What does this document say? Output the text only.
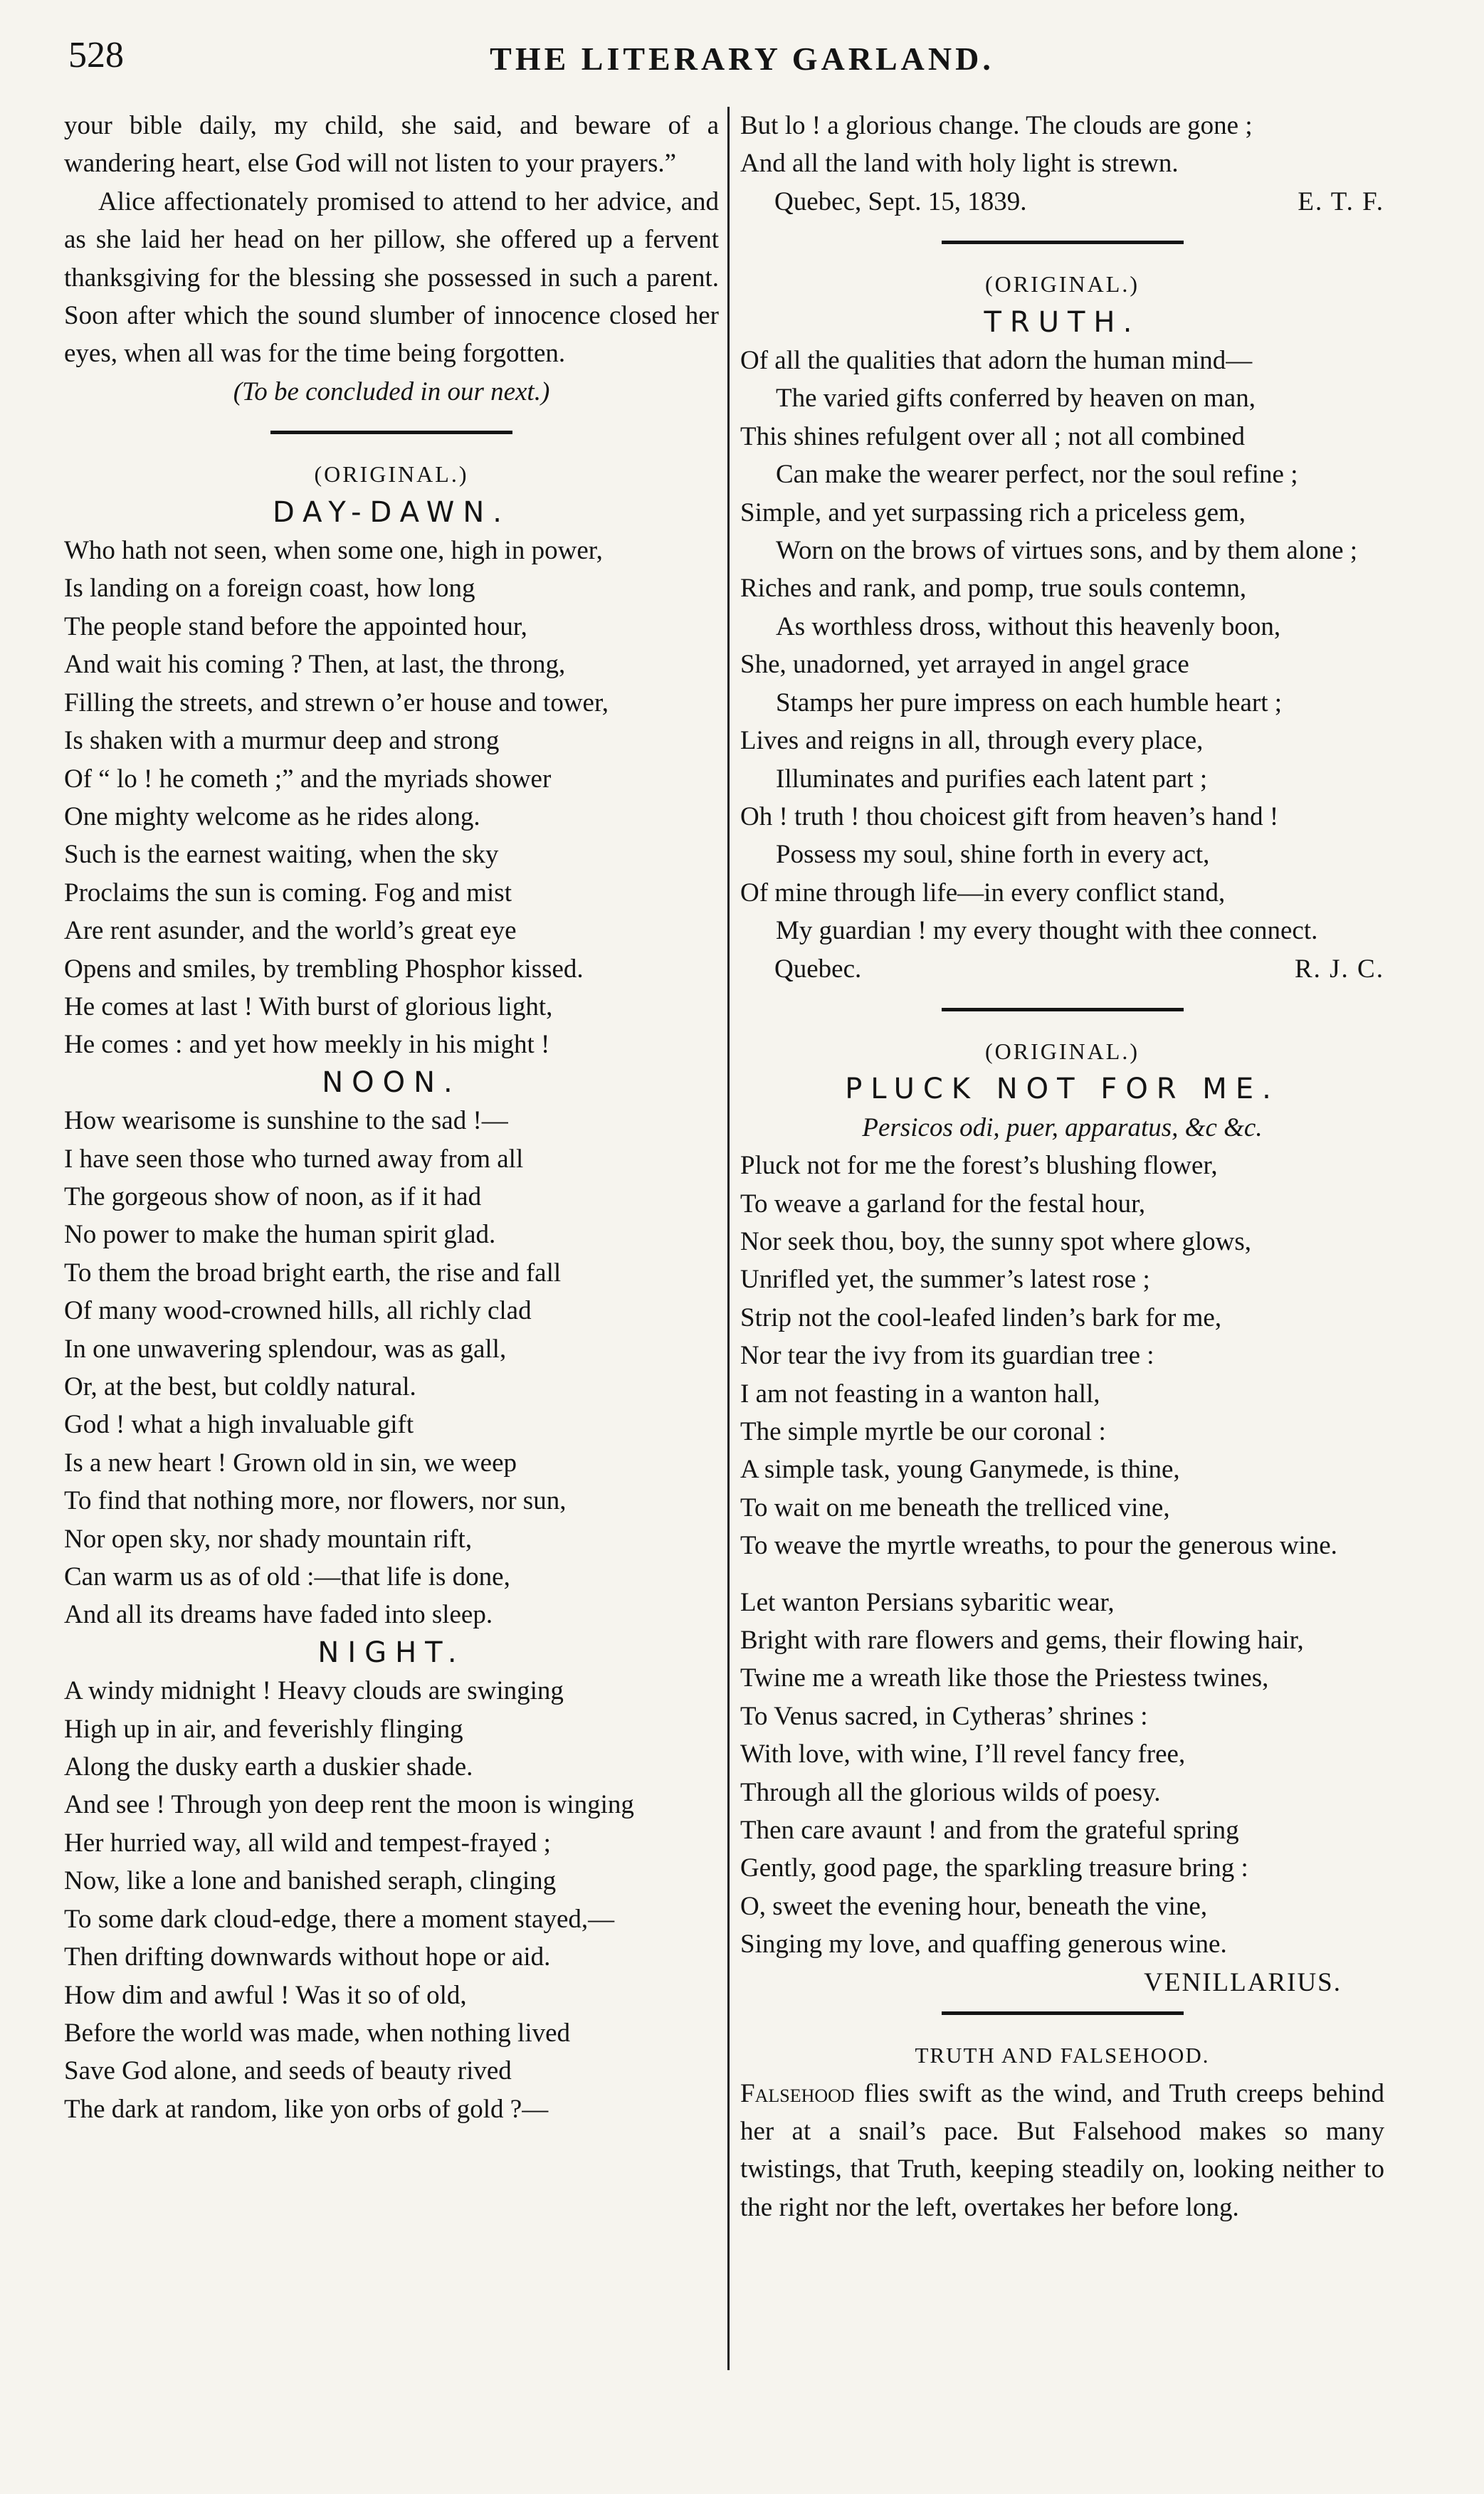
528	THE LITERARY GARLAND.

your bible daily, my child, she said, and beware of a wandering heart, else God will not listen to your prayers.”

Alice affectionately promised to attend to her advice, and as she laid her head on her pillow, she offered up a fervent thanksgiving for the blessing she possessed in such a parent. Soon after which the sound slumber of innocence closed her eyes, when all was for the time being forgotten.

(To be concluded in our next.)

(ORIGINAL.)

DAY-DAWN.

Who hath not seen, when some one, high in power,

Is landing on a foreign coast, how long

The people stand before the appointed hour,

And wait his coming ? Then, at last, the throng,

Filling the streets, and strewn o’er house and tower,

Is shaken with a murmur deep and strong

Of “ lo ! he cometh ;” and the myriads shower

One mighty welcome as he rides along.

Such is the earnest waiting, when the sky

Proclaims the sun is coming. Fog and mist

Are rent asunder, and the world’s great eye

Opens and smiles, by trembling Phosphor kissed.

He comes at last ! With burst of glorious light,

He comes : and yet how meekly in his might !

NOON.

How wearisome is sunshine to the sad !—

I have seen those who turned away from all

The gorgeous show of noon, as if it had

No power to make the human spirit glad.

To them the broad bright earth, the rise and fall

Of many wood-crowned hills, all richly clad

In one unwavering splendour, was as gall,

Or, at the best, but coldly natural.

God ! what a high invaluable gift

Is a new heart ! Grown old in sin, we weep

To find that nothing more, nor flowers, nor sun,

Nor open sky, nor shady mountain rift,

Can warm us as of old :—that life is done,

And all its dreams have faded into sleep.

NIGHT.

A windy midnight ! Heavy clouds are swinging

High up in air, and feverishly flinging

Along the dusky earth a duskier shade.

And see ! Through yon deep rent the moon is winging

Her hurried way, all wild and tempest-frayed ;

Now, like a lone and banished seraph, clinging

To some dark cloud-edge, there a moment stayed,—

Then drifting downwards without hope or aid.

How dim and awful ! Was it so of old,

Before the world was made, when nothing lived

Save God alone, and seeds of beauty rived

The dark at random, like yon orbs of gold ?—

But lo ! a glorious change. The clouds are gone ;

And all the land with holy light is strewn.

Quebec, Sept. 15, 1839.	E. T. F.

(ORIGINAL.)

TRUTH.

Of all the qualities that adorn the human mind—

The varied gifts conferred by heaven on man,

This shines refulgent over all ; not all combined

Can make the wearer perfect, nor the soul refine ;

Simple, and yet surpassing rich a priceless gem,

Worn on the brows of virtues sons, and by them alone ;

Riches and rank, and pomp, true souls contemn,

As worthless dross, without this heavenly boon,

She, unadorned, yet arrayed in angel grace

Stamps her pure impress on each humble heart ;

Lives and reigns in all, through every place,

Illuminates and purifies each latent part ;

Oh ! truth ! thou choicest gift from heaven’s hand !

Possess my soul, shine forth in every act,

Of mine through life—in every conflict stand,

My guardian ! my every thought with thee connect.

Quebec.	R. J. C.

(ORIGINAL.)

PLUCK NOT FOR ME.

Persicos odi, puer, apparatus, &c &c.

Pluck not for me the forest’s blushing flower,

To weave a garland for the festal hour,

Nor seek thou, boy, the sunny spot where glows,

Unrifled yet, the summer’s latest rose ;

Strip not the cool-leafed linden’s bark for me,

Nor tear the ivy from its guardian tree :

I am not feasting in a wanton hall,

The simple myrtle be our coronal :

A simple task, young Ganymede, is thine,

To wait on me beneath the trelliced vine,

To weave the myrtle wreaths, to pour the generous wine.

Let wanton Persians sybaritic wear,

Bright with rare flowers and gems, their flowing hair,

Twine me a wreath like those the Priestess twines,

To Venus sacred, in Cytheras’ shrines :

With love, with wine, I’ll revel fancy free,

Through all the glorious wilds of poesy.

Then care avaunt ! and from the grateful spring

Gently, good page, the sparkling treasure bring :

O, sweet the evening hour, beneath the vine,

Singing my love, and quaffing generous wine.

VENILLARIUS.

TRUTH AND FALSEHOOD.

Falsehood flies swift as the wind, and Truth creeps behind her at a snail’s pace. But Falsehood makes so many twistings, that Truth, keeping steadily on, looking neither to the right nor the left, overtakes her before long.
